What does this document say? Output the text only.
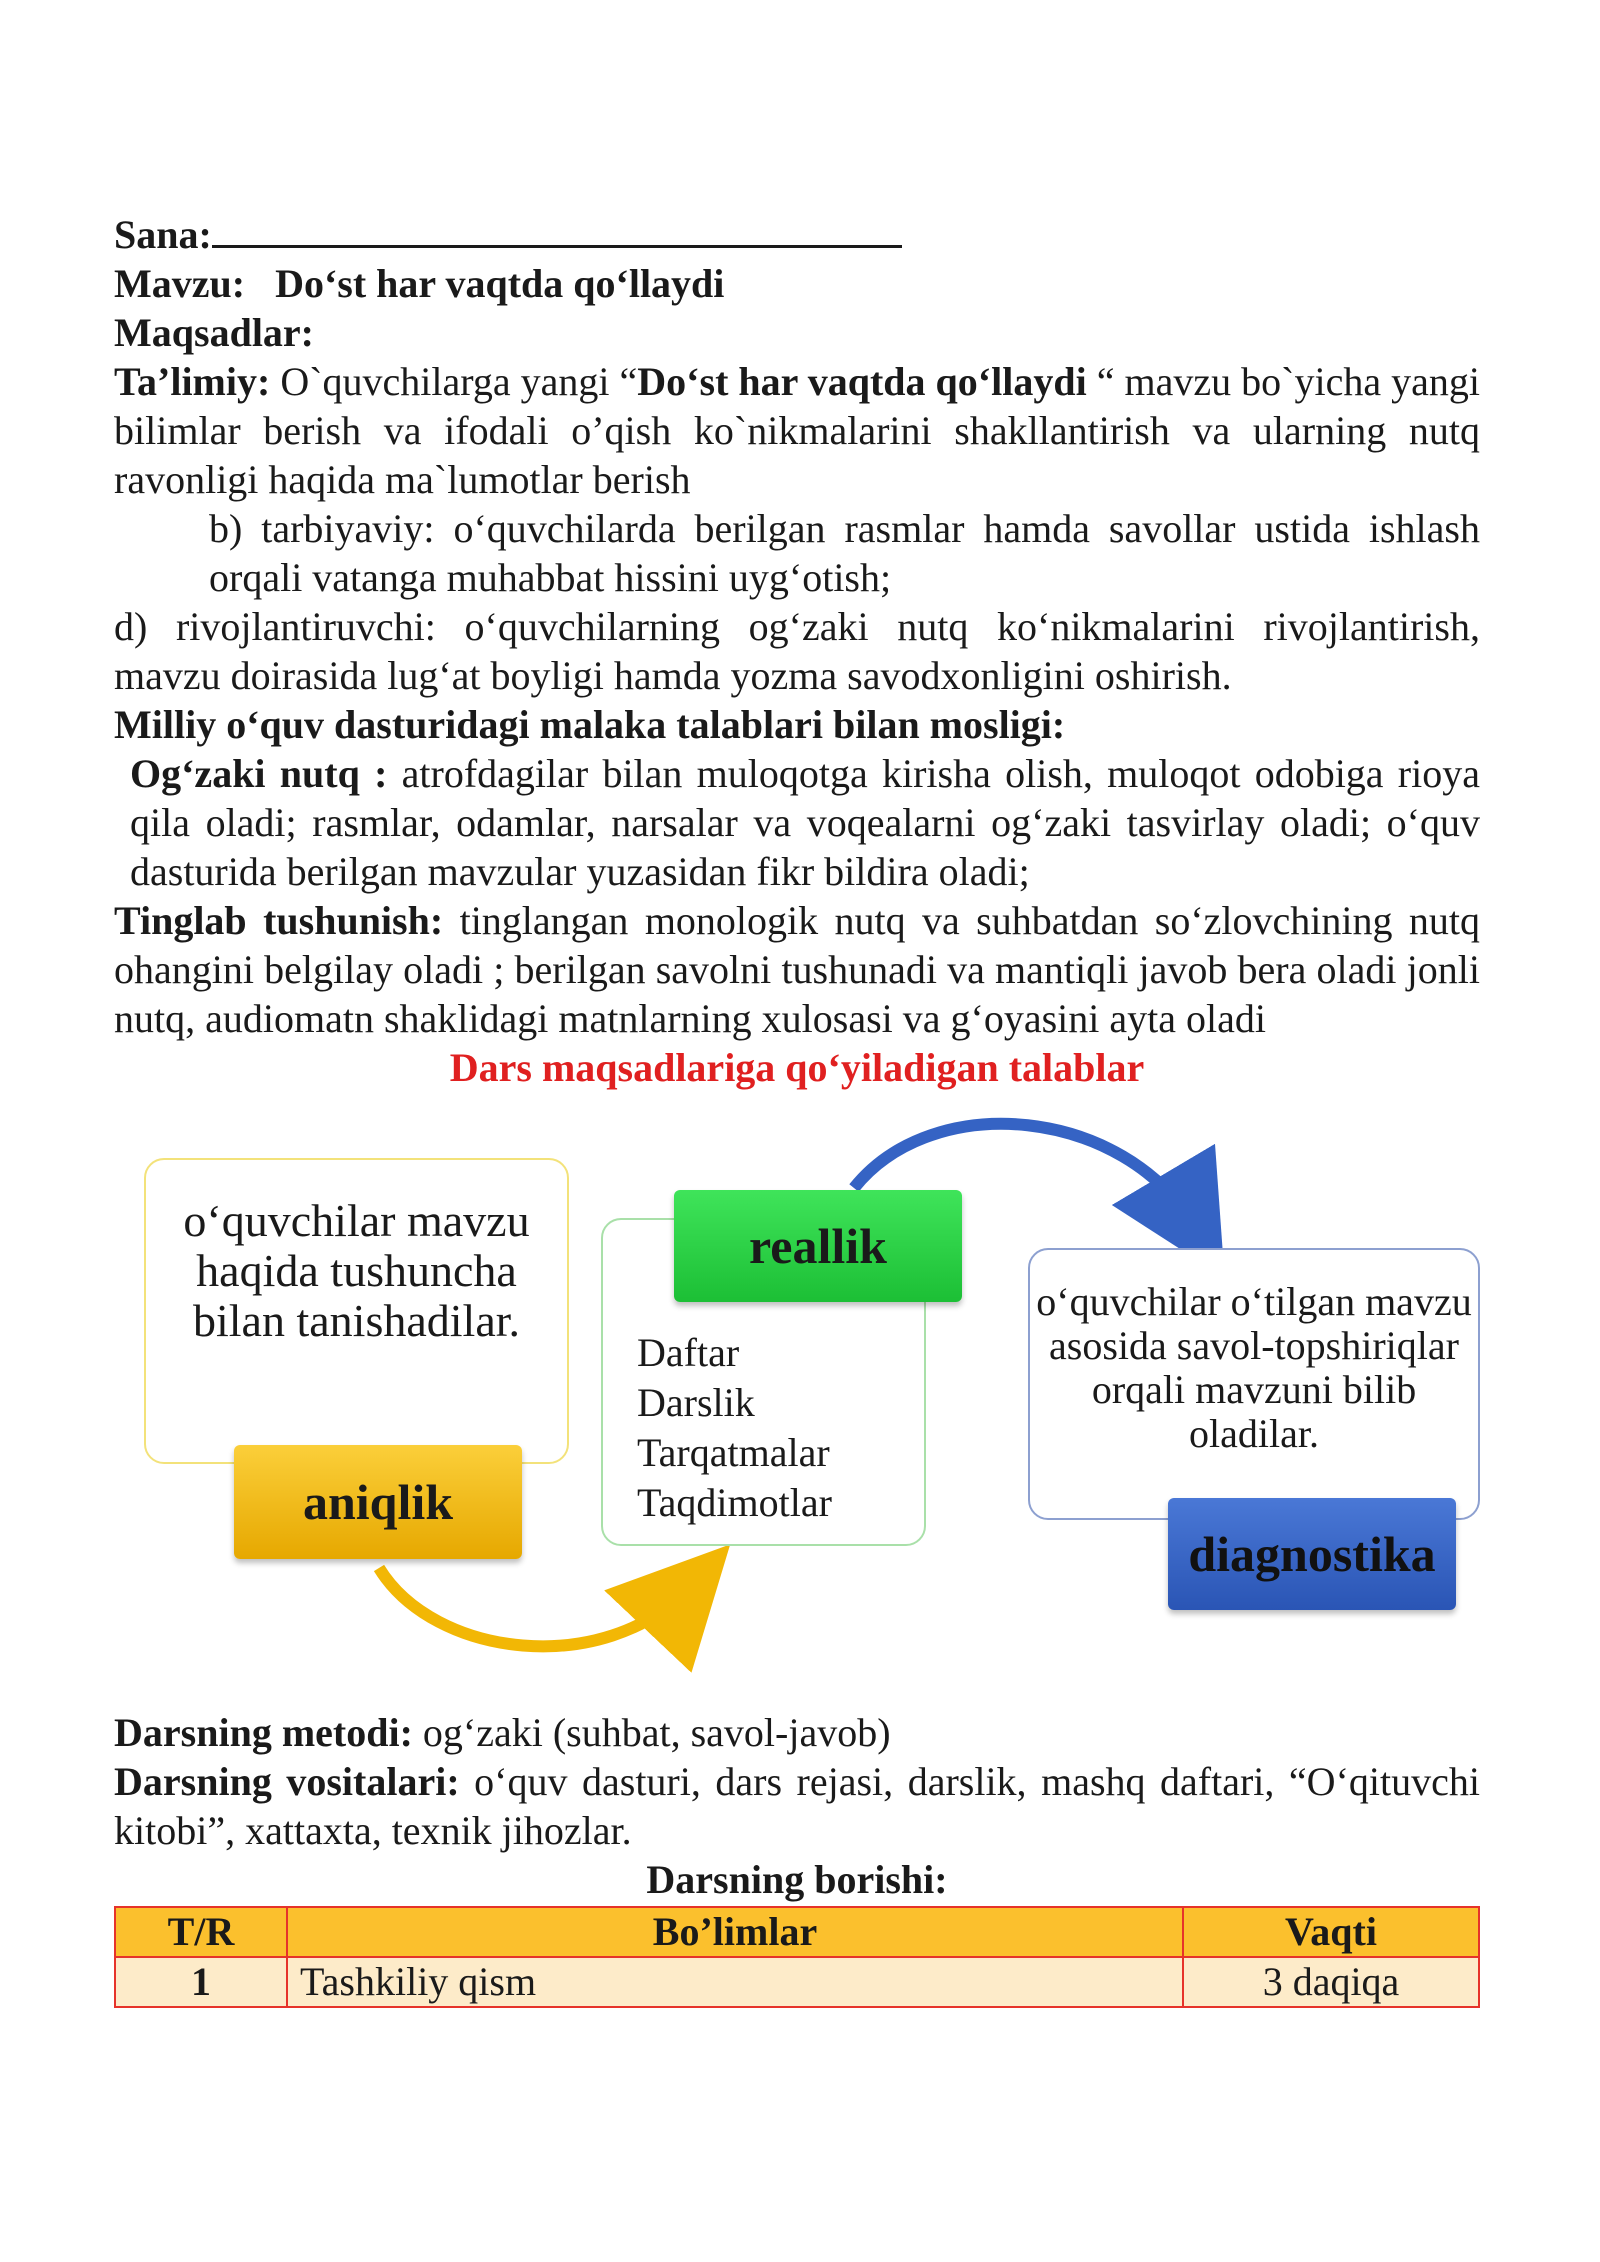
Sana:

Mavzu: Do‘st har vaqtda qo‘llaydi

Maqsadlar:

Ta’limiy: O`quvchilarga yangi “Do‘st har vaqtda qo‘llaydi “ mavzu bo`yicha yangi bilimlar berish va ifodali o’qish ko`nikmalarini shakllantirish va ularning nutq ravonligi haqida ma`lumotlar berish

b) tarbiyaviy: o‘quvchilarda berilgan rasmlar hamda savollar ustida ishlash orqali vatanga muhabbat hissini uyg‘otish;

d) rivojlantiruvchi: o‘quvchilarning og‘zaki nutq ko‘nikmalarini rivojlantirish, mavzu doirasida lug‘at boyligi hamda yozma savodxonligini oshirish.

Milliy o‘quv dasturidagi malaka talablari bilan mosligi:

Og‘zaki nutq : atrofdagilar bilan muloqotga kirisha olish, muloqot odobiga rioya qila oladi; rasmlar, odamlar, narsalar va voqealarni og‘zaki tasvirlay oladi; o‘quv dasturida berilgan mavzular yuzasidan fikr bildira oladi;

Tinglab tushunish: tinglangan monologik nutq va suhbatdan so‘zlovchining nutq ohangini belgilay oladi ; berilgan savolni tushunadi va mantiqli javob bera oladi jonli nutq, audiomatn shaklidagi matnlarning xulosasi va g‘oyasini ayta oladi

Dars maqsadlariga qo‘yiladigan talablar

o‘quvchilar mavzu haqida tushuncha bilan tanishadilar.
aniqlik
Daftar
Darslik
Tarqatmalar
Taqdimotlar
reallik
o‘quvchilar o‘tilgan mavzu asosida savol-topshiriqlar orqali mavzuni bilib oladilar.
diagnostika

Darsning metodi: og‘zaki (suhbat, savol-javob)

Darsning vositalari: o‘quv dasturi, dars rejasi, darslik, mashq daftari, “O‘qituvchi kitobi”, xattaxta, texnik jihozlar.

Darsning borishi:

T/R	Bo’limlar	Vaqti
1	Tashkiliy qism	3 daqiqa
